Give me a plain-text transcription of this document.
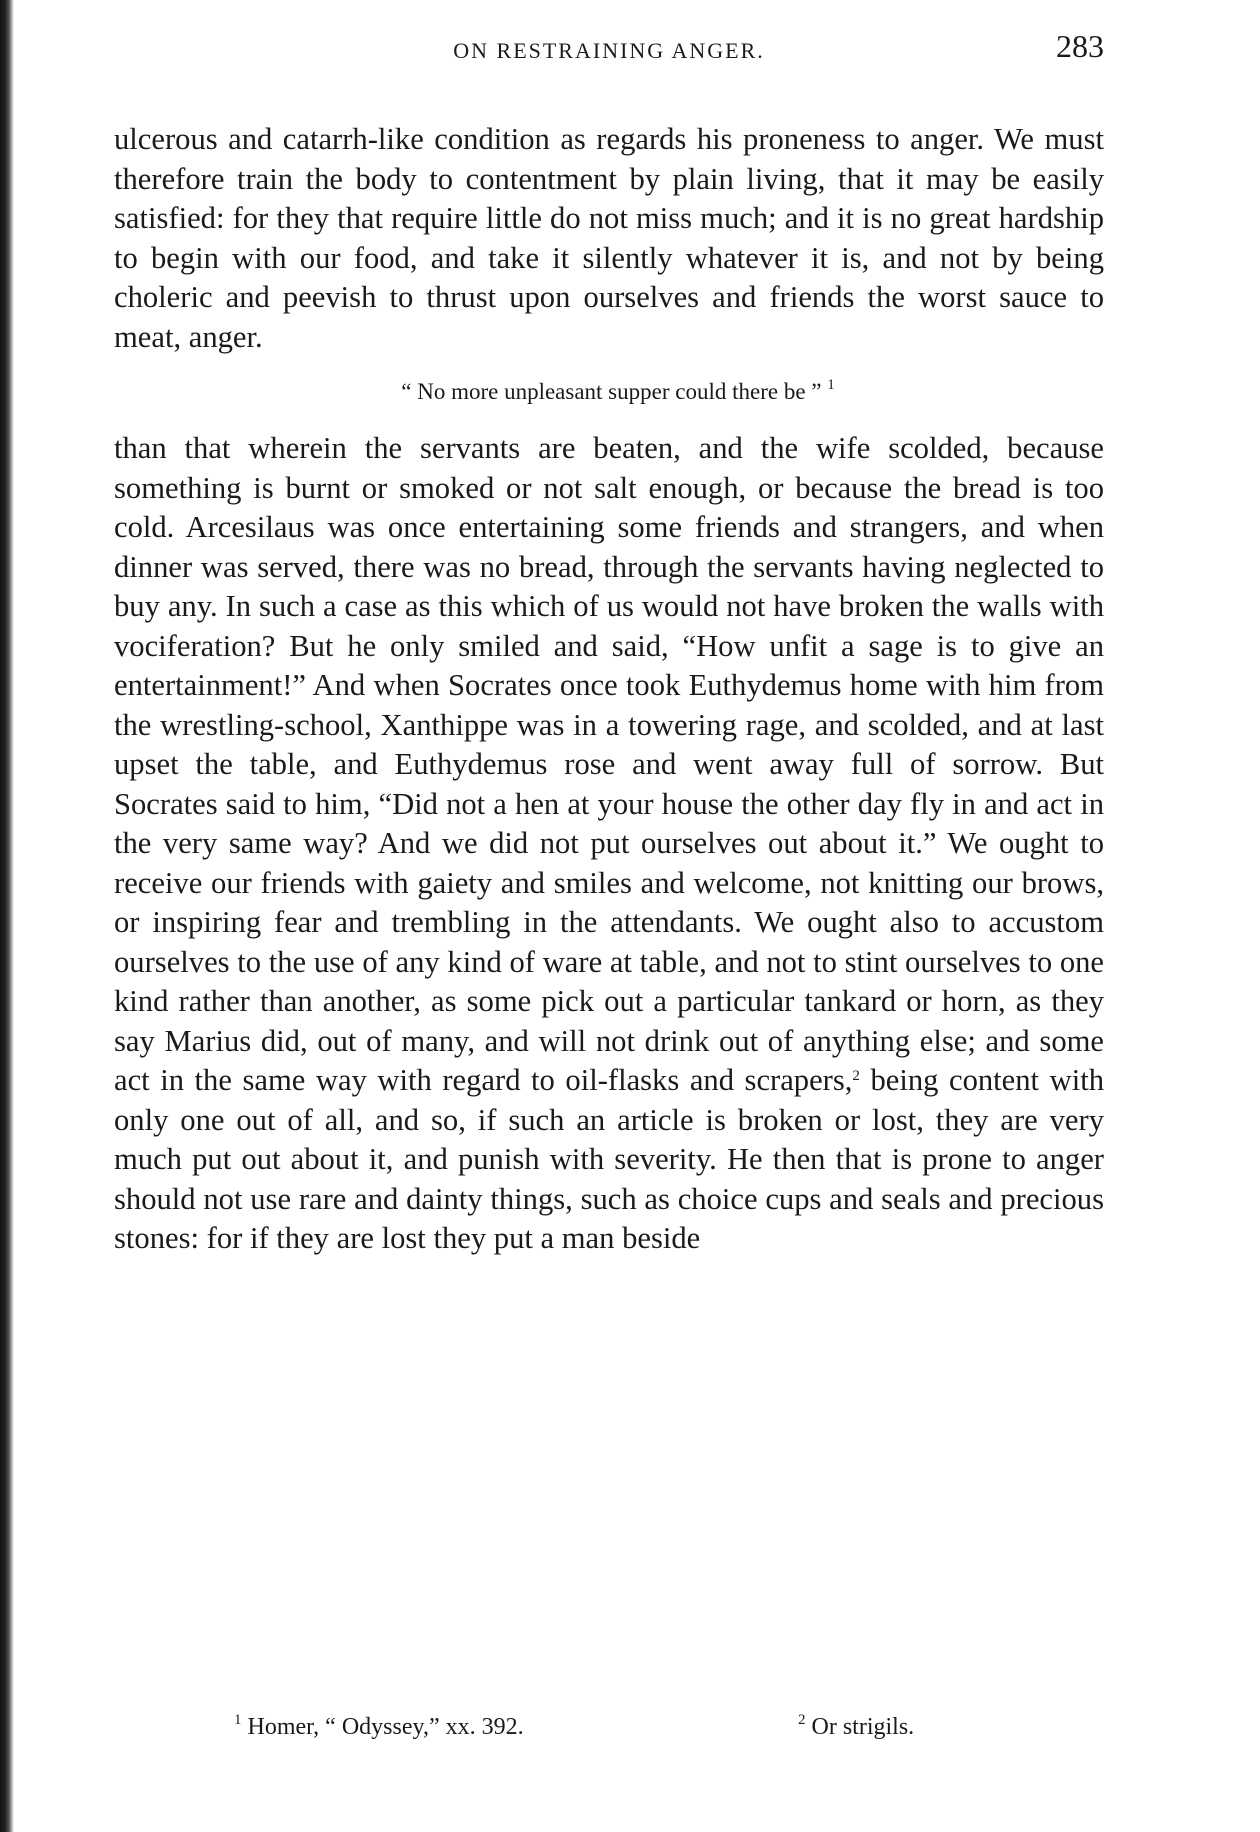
ON RESTRAINING ANGER.	283

ulcerous and catarrh-like condition as regards his proneness to anger. We must therefore train the body to contentment by plain living, that it may be easily satisfied: for they that require little do not miss much; and it is no great hardship to begin with our food, and take it silently whatever it is, and not by being choleric and peevish to thrust upon ourselves and friends the worst sauce to meat, anger.

“ No more unpleasant supper could there be ” $^1$

than that wherein the servants are beaten, and the wife scolded, because something is burnt or smoked or not salt enough, or because the bread is too cold. Arcesilaus was once entertaining some friends and strangers, and when dinner was served, there was no bread, through the servants having neglected to buy any. In such a case as this which of us would not have broken the walls with vociferation? But he only smiled and said, “How unfit a sage is to give an entertainment!” And when Socrates once took Euthydemus home with him from the wrestling-school, Xanthippe was in a towering rage, and scolded, and at last upset the table, and Euthydemus rose and went away full of sorrow. But Socrates said to him, “Did not a hen at your house the other day fly in and act in the very same way? And we did not put ourselves out about it.” We ought to receive our friends with gaiety and smiles and welcome, not knitting our brows, or inspiring fear and trembling in the attendants. We ought also to accustom ourselves to the use of any kind of ware at table, and not to stint ourselves to one kind rather than another, as some pick out a particular tankard or horn, as they say Marius did, out of many, and will not drink out of anything else; and some act in the same way with regard to oil-flasks and scrapers,$^2$ being content with only one out of all, and so, if such an article is broken or lost, they are very much put out about it, and punish with severity. He then that is prone to anger should not use rare and dainty things, such as choice cups and seals and precious stones: for if they are lost they put a man beside

$^1$ Homer, “ Odyssey,” xx. 392.	$^2$ Or strigils.
